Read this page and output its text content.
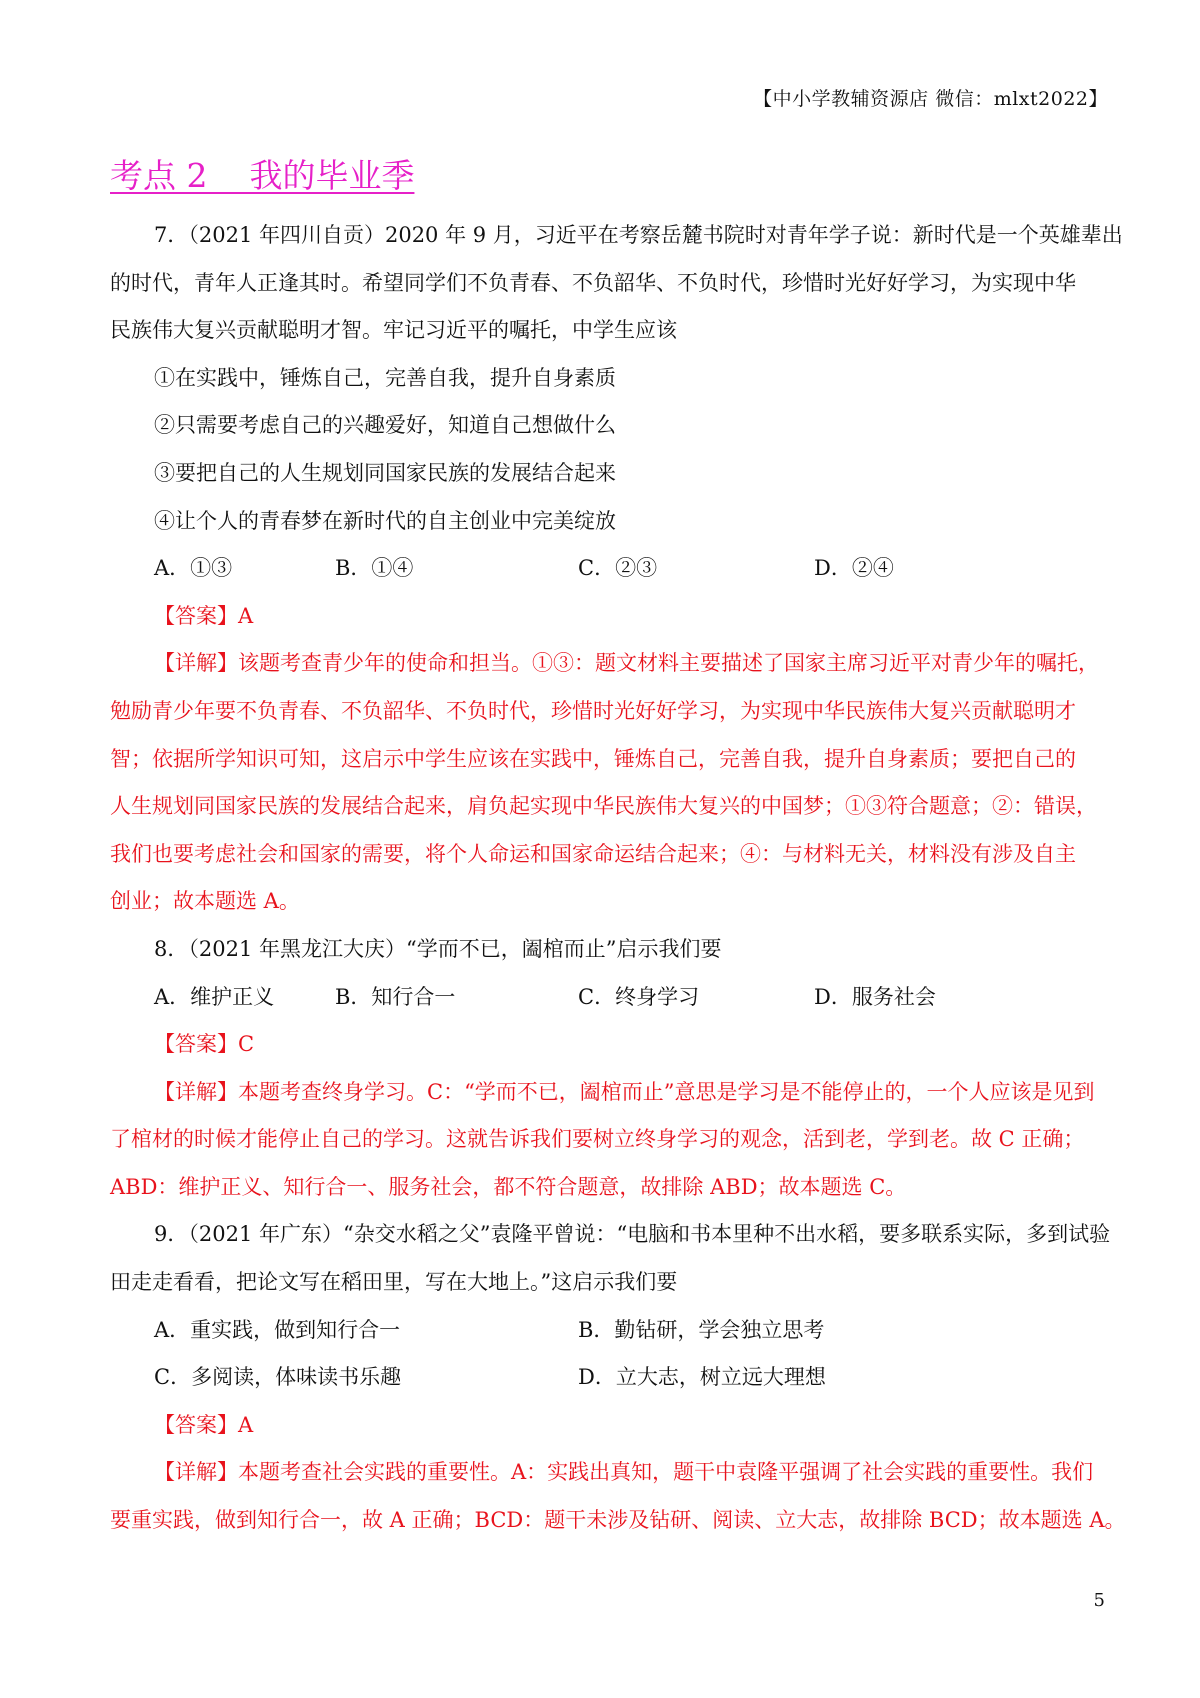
【中小学教辅资源店 微信：mlxt2022】
考点 2    我的毕业季
7．（2021 年四川自贡）2020 年 9 月，习近平在考察岳麓书院时对青年学子说：新时代是一个英雄辈出
的时代，青年人正逢其时。希望同学们不负青春、不负韶华、不负时代，珍惜时光好好学习，为实现中华
民族伟大复兴贡献聪明才智。牢记习近平的嘱托，中学生应该
①在实践中，锤炼自己，完善自我，提升自身素质
②只需要考虑自己的兴趣爱好，知道自己想做什么
③要把自己的人生规划同国家民族的发展结合起来
④让个人的青春梦在新时代的自主创业中完美绽放
A．①③	B．①④	C．②③	D．②④
【答案】A
【详解】该题考查青少年的使命和担当。①③：题文材料主要描述了国家主席习近平对青少年的嘱托，
勉励青少年要不负青春、不负韶华、不负时代，珍惜时光好好学习，为实现中华民族伟大复兴贡献聪明才
智；依据所学知识可知，这启示中学生应该在实践中，锤炼自己，完善自我，提升自身素质；要把自己的
人生规划同国家民族的发展结合起来，肩负起实现中华民族伟大复兴的中国梦；①③符合题意；②：错误，
我们也要考虑社会和国家的需要，将个人命运和国家命运结合起来；④：与材料无关，材料没有涉及自主
创业；故本题选 A。
8．（2021 年黑龙江大庆）“学而不已，阖棺而止”启示我们要
A．维护正义	B．知行合一	C．终身学习	D．服务社会
【答案】C
【详解】本题考查终身学习。C：“学而不已，阖棺而止”意思是学习是不能停止的，一个人应该是见到
了棺材的时候才能停止自己的学习。这就告诉我们要树立终身学习的观念，活到老，学到老。故 C 正确；
ABD：维护正义、知行合一、服务社会，都不符合题意，故排除 ABD；故本题选 C。
9．（2021 年广东）“杂交水稻之父”袁隆平曾说：“电脑和书本里种不出水稻，要多联系实际，多到试验
田走走看看，把论文写在稻田里，写在大地上。”这启示我们要
A．重实践，做到知行合一	B．勤钻研，学会独立思考
C．多阅读，体味读书乐趣	D．立大志，树立远大理想
【答案】A
【详解】本题考查社会实践的重要性。A：实践出真知，题干中袁隆平强调了社会实践的重要性。我们
要重实践，做到知行合一，故 A 正确；BCD：题干未涉及钻研、阅读、立大志，故排除 BCD；故本题选 A。
5
